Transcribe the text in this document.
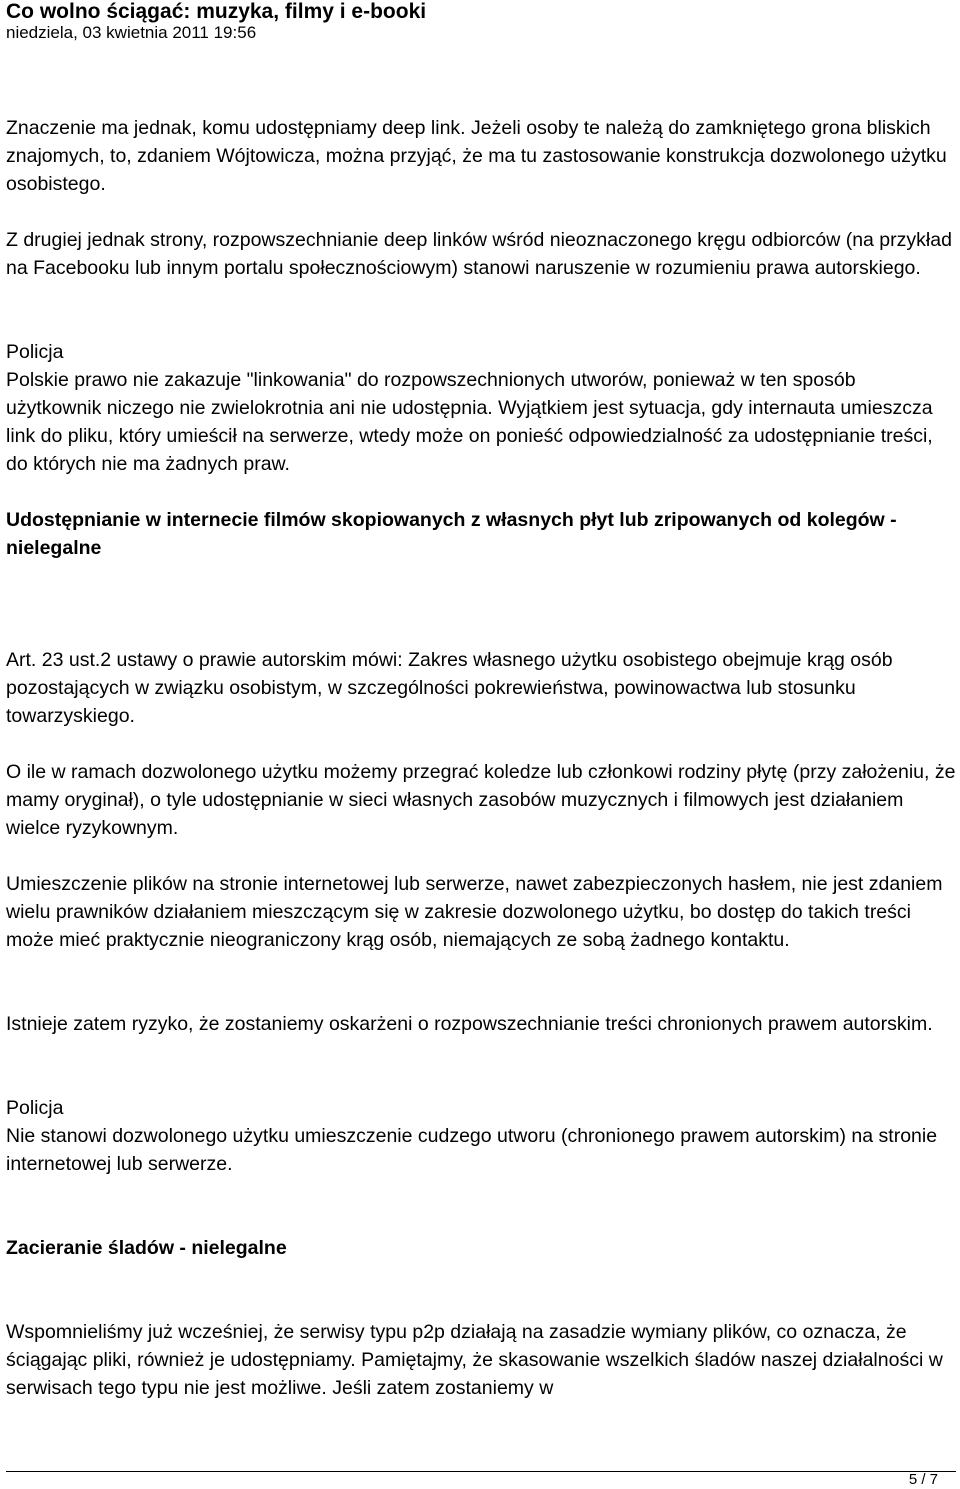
Co wolno ściągać: muzyka, filmy i e-booki
niedziela, 03 kwietnia 2011 19:56

Znaczenie ma jednak, komu udostępniamy deep link. Jeżeli osoby te należą do zamkniętego grona bliskich znajomych, to, zdaniem Wójtowicza, można przyjąć, że ma tu zastosowanie konstrukcja dozwolonego użytku osobistego.

Z drugiej jednak strony, rozpowszechnianie deep linków wśród nieoznaczonego kręgu odbiorców (na przykład na Facebooku lub innym portalu społecznościowym) stanowi naruszenie w rozumieniu prawa autorskiego.

Policja

Polskie prawo nie zakazuje "linkowania" do rozpowszechnionych utworów, ponieważ w ten sposób użytkownik niczego nie zwielokrotnia ani nie udostępnia. Wyjątkiem jest sytuacja, gdy internauta umieszcza link do pliku, który umieścił na serwerze, wtedy może on ponieść odpowiedzialność za udostępnianie treści, do których nie ma żadnych praw.

Udostępnianie w internecie filmów skopiowanych z własnych płyt lub zripowanych od kolegów - nielegalne

Art. 23 ust.2 ustawy o prawie autorskim mówi: Zakres własnego użytku osobistego obejmuje krąg osób pozostających w związku osobistym, w szczególności pokrewieństwa, powinowactwa lub stosunku towarzyskiego.

O ile w ramach dozwolonego użytku możemy przegrać koledze lub członkowi rodziny płytę (przy założeniu, że mamy oryginał), o tyle udostępnianie w sieci własnych zasobów muzycznych i filmowych jest działaniem wielce ryzykownym.

Umieszczenie plików na stronie internetowej lub serwerze, nawet zabezpieczonych hasłem, nie jest zdaniem wielu prawników działaniem mieszczącym się w zakresie dozwolonego użytku, bo dostęp do takich treści może mieć praktycznie nieograniczony krąg osób, niemających ze sobą żadnego kontaktu.

Istnieje zatem ryzyko, że zostaniemy oskarżeni o rozpowszechnianie treści chronionych prawem autorskim.

Policja

Nie stanowi dozwolonego użytku umieszczenie cudzego utworu (chronionego prawem autorskim) na stronie internetowej lub serwerze.

Zacieranie śladów - nielegalne

Wspomnieliśmy już wcześniej, że serwisy typu p2p działają na zasadzie wymiany plików, co oznacza, że ściągając pliki, również je udostępniamy. Pamiętajmy, że skasowanie wszelkich śladów naszej działalności w serwisach tego typu nie jest możliwe. Jeśli zatem zostaniemy w

5 / 7
